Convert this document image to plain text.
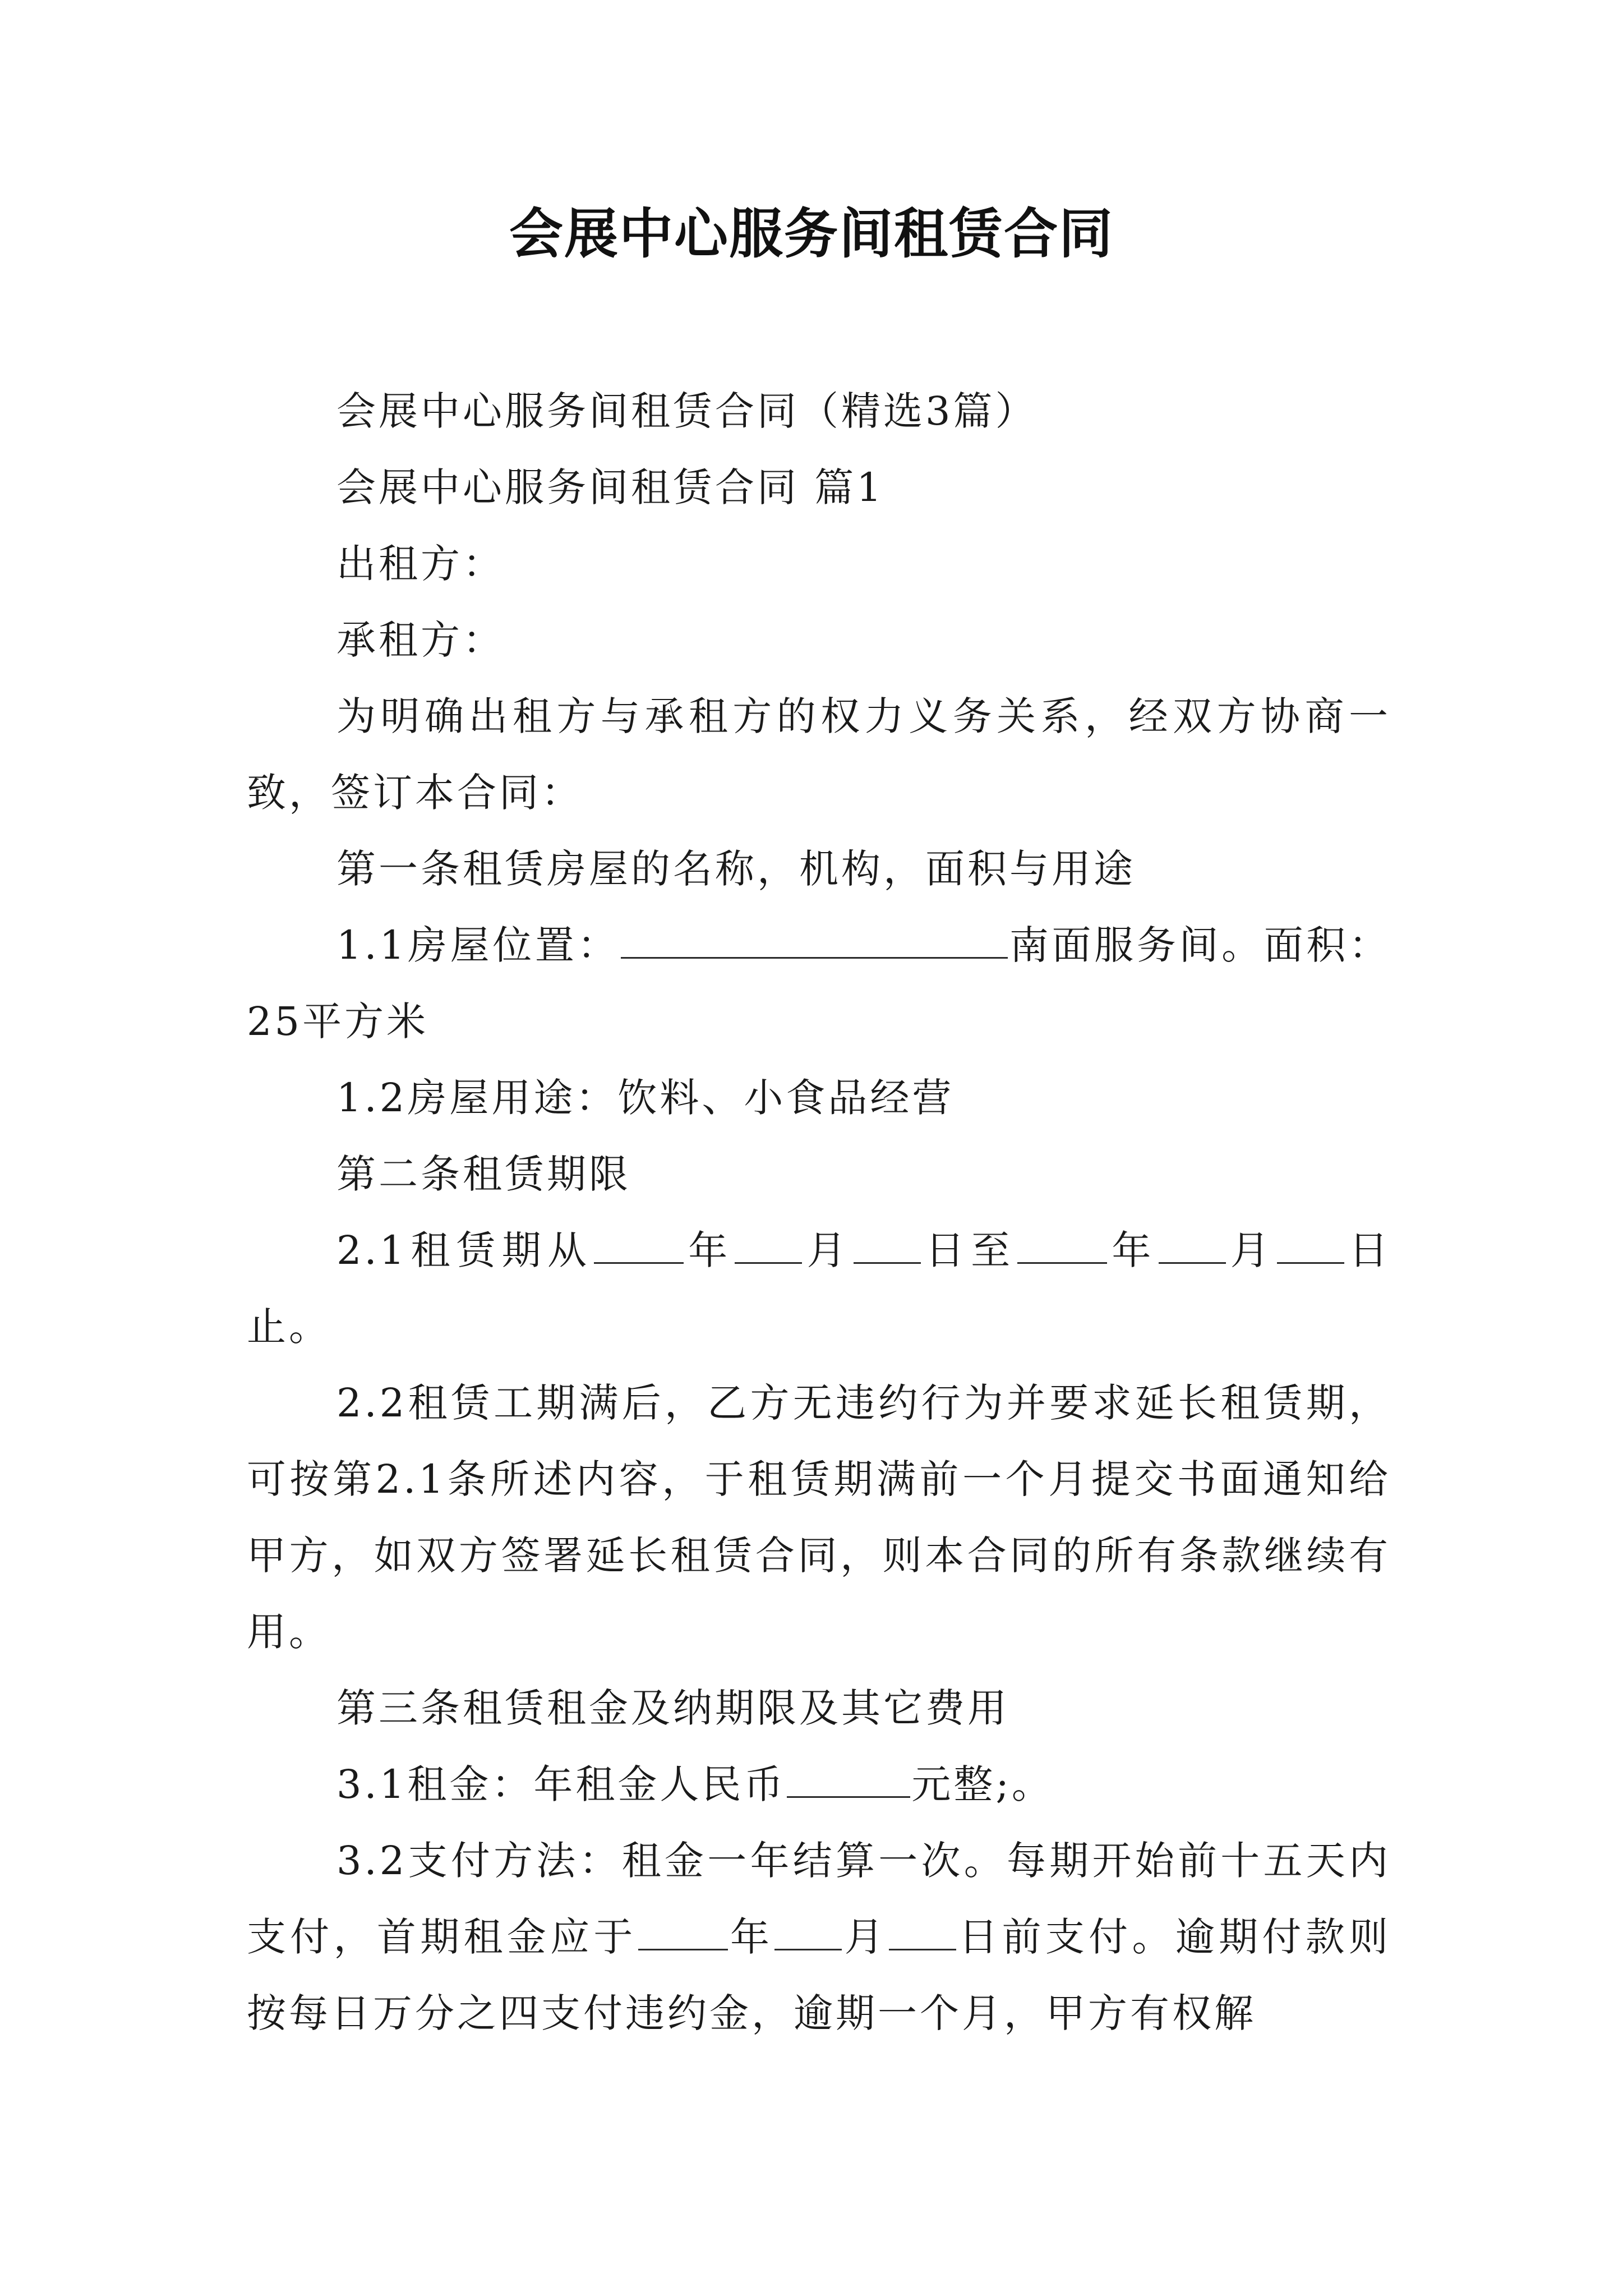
会展中心服务间租赁合同

会展中心服务间租赁合同（精选3篇）

会展中心服务间租赁合同 篇1

出租方：

承租方：

为明确出租方与承租方的权力义务关系，经双方协商一致，签订本合同：

第一条租赁房屋的名称，机构，面积与用途

1.1房屋位置：	南面服务间。面积：25平方米

1.2房屋用途：饮料、小食品经营

第二条租赁期限

2.1租赁期从 年 月 日至 年 月 日止。

2.2租赁工期满后，乙方无违约行为并要求延长租赁期，可按第2.1条所述内容，于租赁期满前一个月提交书面通知给甲方，如双方签署延长租赁合同，则本合同的所有条款继续有用。

第三条租赁租金及纳期限及其它费用

3.1租金：年租金人民币	元整;。

3.2支付方法：租金一年结算一次。每期开始前十五天内支付，首期租金应于 年 月 日前支付。逾期付款则按每日万分之四支付违约金，逾期一个月，甲方有权解
